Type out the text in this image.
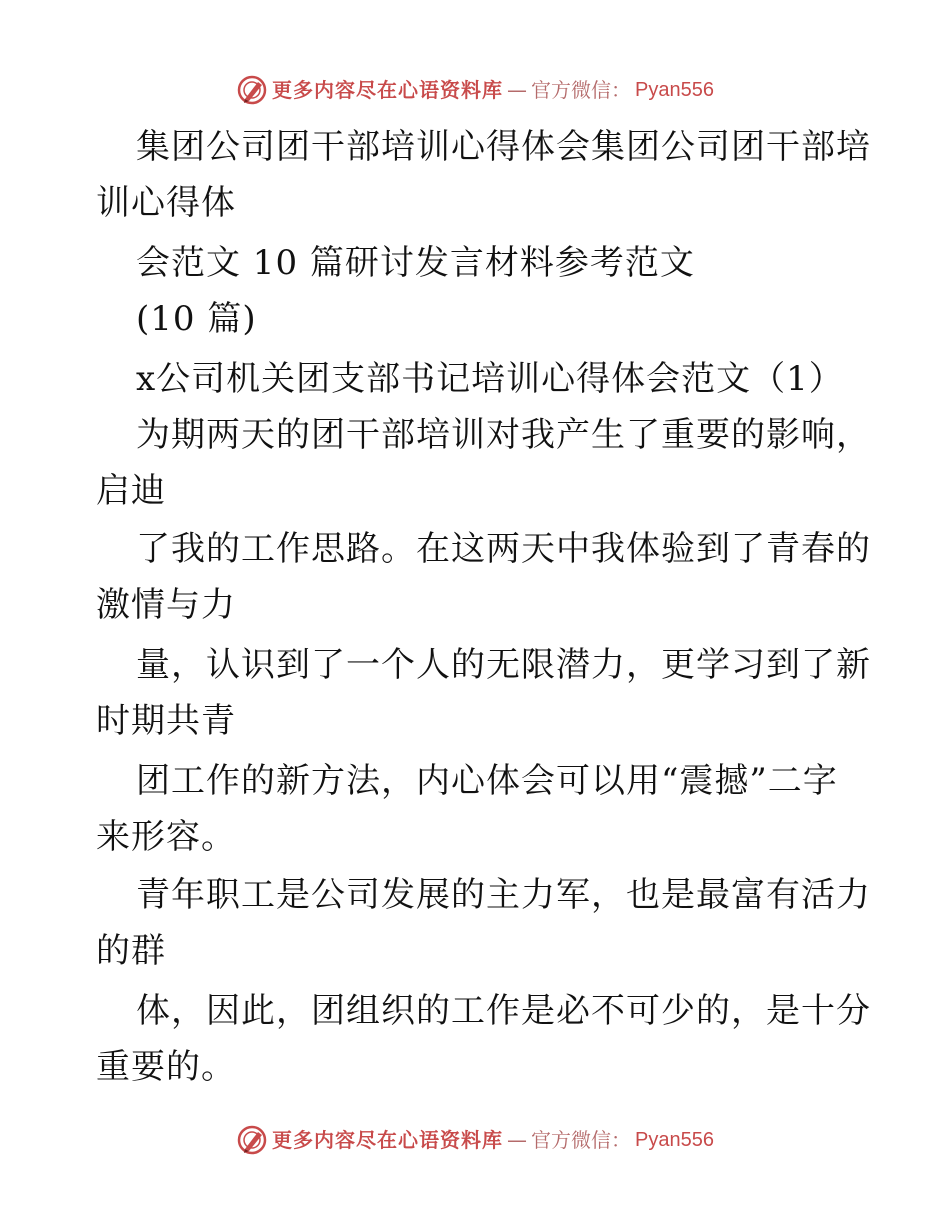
更多内容尽在心语资料库 — 官方微信： Pyan556
集团公司团干部培训心得体会集团公司团干部培
训心得体
会范文 10 篇研讨发言材料参考范文
(10 篇)
x公司机关团支部书记培训心得体会范文（1）
为期两天的团干部培训对我产生了重要的影响，
启迪
了我的工作思路。在这两天中我体验到了青春的
激情与力
量，认识到了一个人的无限潜力，更学习到了新
时期共青
团工作的新方法，内心体会可以用“震撼”二字
来形容。
青年职工是公司发展的主力军，也是最富有活力
的群
体，因此，团组织的工作是必不可少的，是十分
重要的。
更多内容尽在心语资料库 — 官方微信： Pyan556
